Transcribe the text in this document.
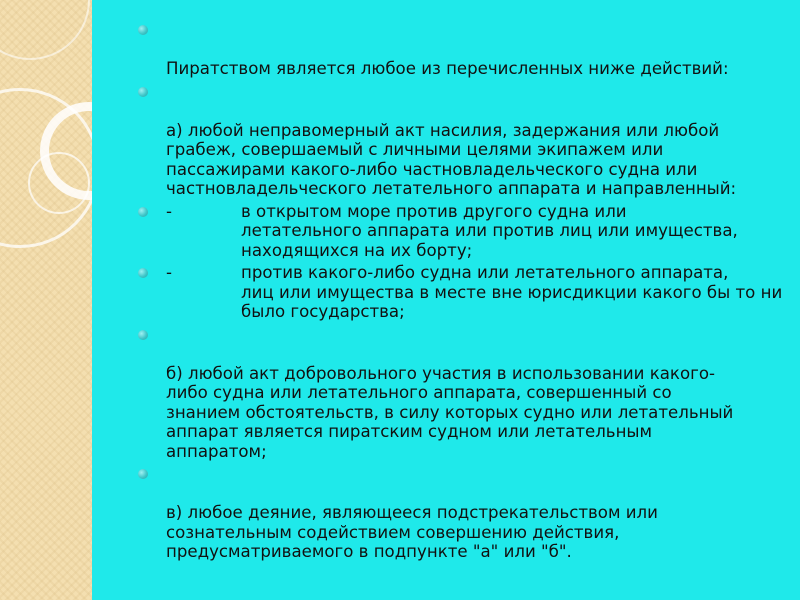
Пиратством является любое из перечисленных ниже действий:

а) любой неправомерный акт насилия, задержания или любой
грабеж, совершаемый с личными целями экипажем или
пассажирами какого-либо частновладельческого судна или
частновладельческого летательного аппарата и направленный:

-	в открытом море против другого судна или
летательного аппарата или против лиц или имущества,
находящихся на их борту;
-	против какого-либо судна или летательного аппарата,
лиц или имущества в месте вне юрисдикции какого бы то ни
было государства;

б) любой акт добровольного участия в использовании какого-
либо судна или летательного аппарата, совершенный со
знанием обстоятельств, в силу которых судно или летательный
аппарат является пиратским судном или летательным
аппаратом;

в) любое деяние, являющееся подстрекательством или
сознательным содействием совершению действия,
предусматриваемого в подпункте "а" или "б".
